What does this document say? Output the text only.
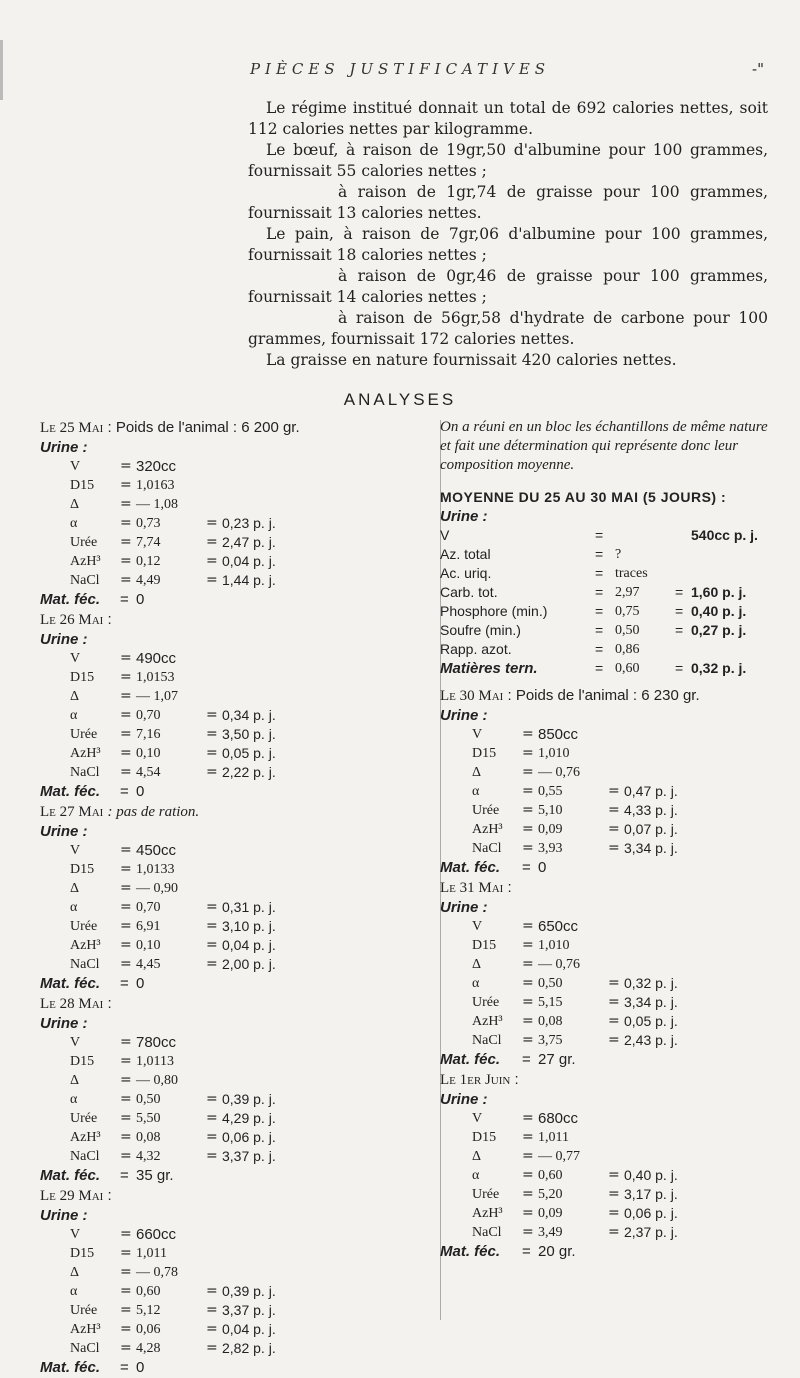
PIÈCES JUSTIFICATIVES	-"

Le régime institué donnait un total de 692 calories nettes, soit 112 calories nettes par kilogramme.

Le bœuf, à raison de 19gr,50 d'albumine pour 100 grammes, fournissait 55 calories nettes ;

à raison de 1gr,74 de graisse pour 100 grammes, fournissait 13 calories nettes.

Le pain, à raison de 7gr,06 d'albumine pour 100 grammes, fournissait 18 calories nettes ;

à raison de 0gr,46 de graisse pour 100 grammes, fournissait 14 calories nettes ;

à raison de 56gr,58 d'hydrate de carbone pour 100 grammes, fournissait 172 calories nettes.

La graisse en nature fournissait 420 calories nettes.

ANALYSES
Le 25 Mai : Poids de l'animal : 6 200 gr.
Urine :
V	= 320cc
D15 = 1,0163
Δ	= — 1,08
α	= 0,73	= 0,23 p. j.
Urée = 7,74	= 2,47 p. j.
AzH³ = 0,12	= 0,04 p. j.
NaCl = 4,49	= 1,44 p. j.
Mat. féc. = 0
Le 26 Mai :
Urine :
V	= 490cc
D15 = 1,0153
Δ	= — 1,07
α	= 0,70	= 0,34 p. j.
Urée = 7,16	= 3,50 p. j.
AzH³ = 0,10	= 0,05 p. j.
NaCl = 4,54	= 2,22 p. j.
Mat. féc. = 0
Le 27 Mai : pas de ration.
Urine :
V	= 450cc
D15 = 1,0133
Δ	= — 0,90
α	= 0,70	= 0,31 p. j.
Urée = 6,91	= 3,10 p. j.
AzH³ = 0,10	= 0,04 p. j.
NaCl = 4,45	= 2,00 p. j.
Mat. féc. = 0
Le 28 Mai :
Urine :
V	= 780cc
D15 = 1,0113
Δ	= — 0,80
α	= 0,50	= 0,39 p. j.
Urée = 5,50	= 4,29 p. j.
AzH³ = 0,08	= 0,06 p. j.
NaCl = 4,32	= 3,37 p. j.
Mat. féc. = 35 gr.
Le 29 Mai :
Urine :
V	= 660cc
D15 = 1,011
Δ	= — 0,78
α	= 0,60	= 0,39 p. j.
Urée = 5,12	= 3,37 p. j.
AzH³ = 0,06	= 0,04 p. j.
NaCl = 4,28	= 2,82 p. j.
Mat. féc. = 0
On a réuni en un bloc les échantillons de même nature et fait une détermination qui représente donc leur composition moyenne.
MOYENNE DU 25 AU 30 MAI (5 JOURS) :
Urine :
V	=	540cc p. j.
Az. total	= ?
Ac. uriq.	= traces
Carb. tot.	= 2,97	= 1,60 p. j.
Phosphore (min.)	= 0,75	= 0,40 p. j.
Soufre (min.)	= 0,50	= 0,27 p. j.
Rapp. azot.	= 0,86
Matières tern.	= 0,60	= 0,32 p. j.
Le 30 Mai : Poids de l'animal : 6 230 gr.
Urine :
V	= 850cc
D15 = 1,010
Δ	= — 0,76
α	= 0,55	= 0,47 p. j.
Urée = 5,10	= 4,33 p. j.
AzH³ = 0,09	= 0,07 p. j.
NaCl = 3,93	= 3,34 p. j.
Mat. féc. = 0
Le 31 Mai :
Urine :
V	= 650cc
D15 = 1,010
Δ	= — 0,76
α	= 0,50	= 0,32 p. j.
Urée = 5,15	= 3,34 p. j.
AzH³ = 0,08	= 0,05 p. j.
NaCl = 3,75	= 2,43 p. j.
Mat. féc. = 27 gr.
Le 1er Juin :
Urine :
V	= 680cc
D15 = 1,011
Δ	= — 0,77
α	= 0,60	= 0,40 p. j.
Urée = 5,20	= 3,17 p. j.
AzH³ = 0,09	= 0,06 p. j.
NaCl = 3,49	= 2,37 p. j.
Mat. féc. = 20 gr.
